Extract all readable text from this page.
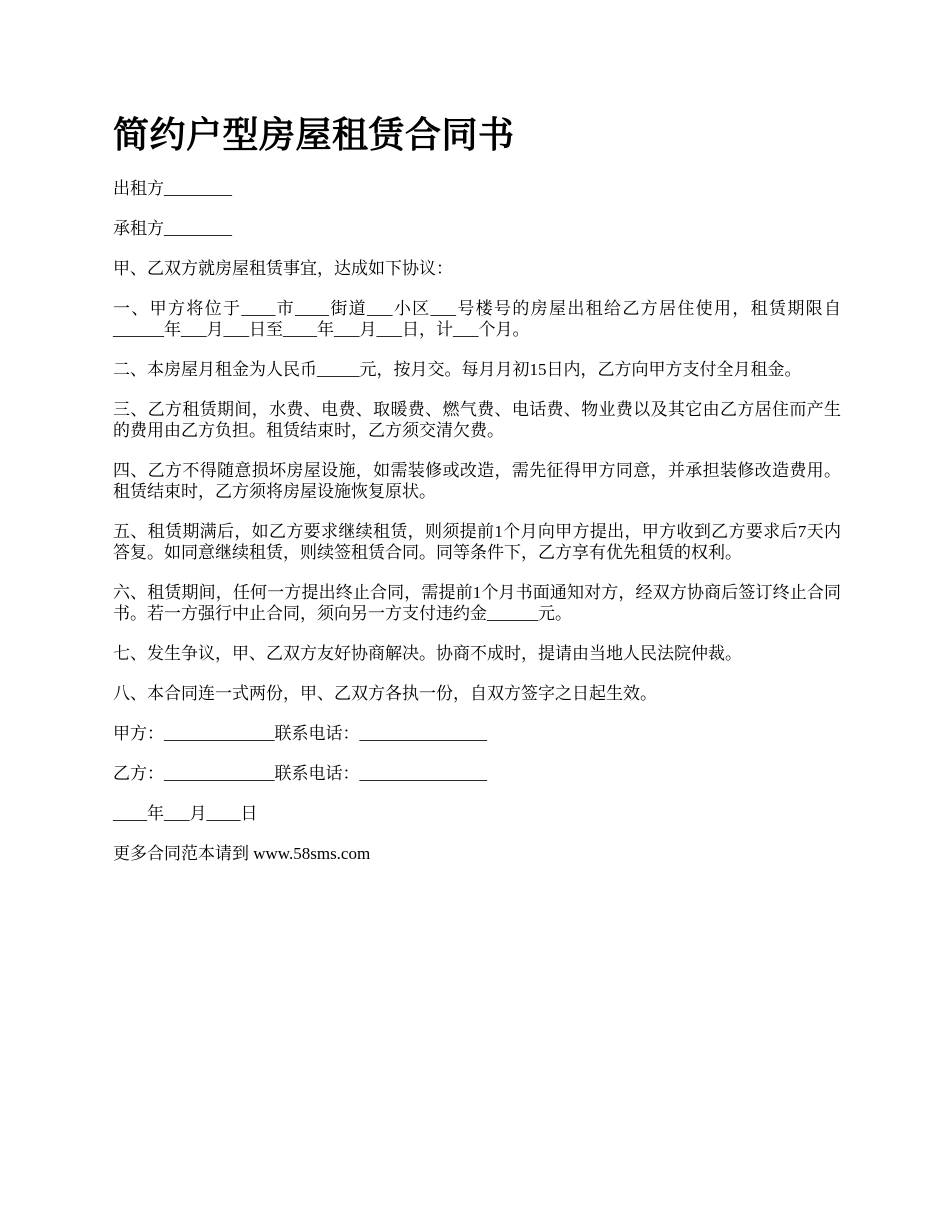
简约户型房屋租赁合同书

出租方________

承租方________

甲、乙双方就房屋租赁事宜，达成如下协议：

一、甲方将位于____市____街道___小区___号楼号的房屋出租给乙方居住使用，租赁期限自______年___月___日至____年___月___日，计___个月。

二、本房屋月租金为人民币_____元，按月交。每月月初15日内，乙方向甲方支付全月租金。

三、乙方租赁期间，水费、电费、取暖费、燃气费、电话费、物业费以及其它由乙方居住而产生的费用由乙方负担。租赁结束时，乙方须交清欠费。

四、乙方不得随意损坏房屋设施，如需装修或改造，需先征得甲方同意，并承担装修改造费用。租赁结束时，乙方须将房屋设施恢复原状。

五、租赁期满后，如乙方要求继续租赁，则须提前1个月向甲方提出，甲方收到乙方要求后7天内答复。如同意继续租赁，则续签租赁合同。同等条件下，乙方享有优先租赁的权利。

六、租赁期间，任何一方提出终止合同，需提前1个月书面通知对方，经双方协商后签订终止合同书。若一方强行中止合同，须向另一方支付违约金______元。

七、发生争议，甲、乙双方友好协商解决。协商不成时，提请由当地人民法院仲裁。

八、本合同连一式两份，甲、乙双方各执一份，自双方签字之日起生效。

甲方：_____________联系电话：_______________

乙方：_____________联系电话：_______________

____年___月____日

更多合同范本请到 www.58sms.com
